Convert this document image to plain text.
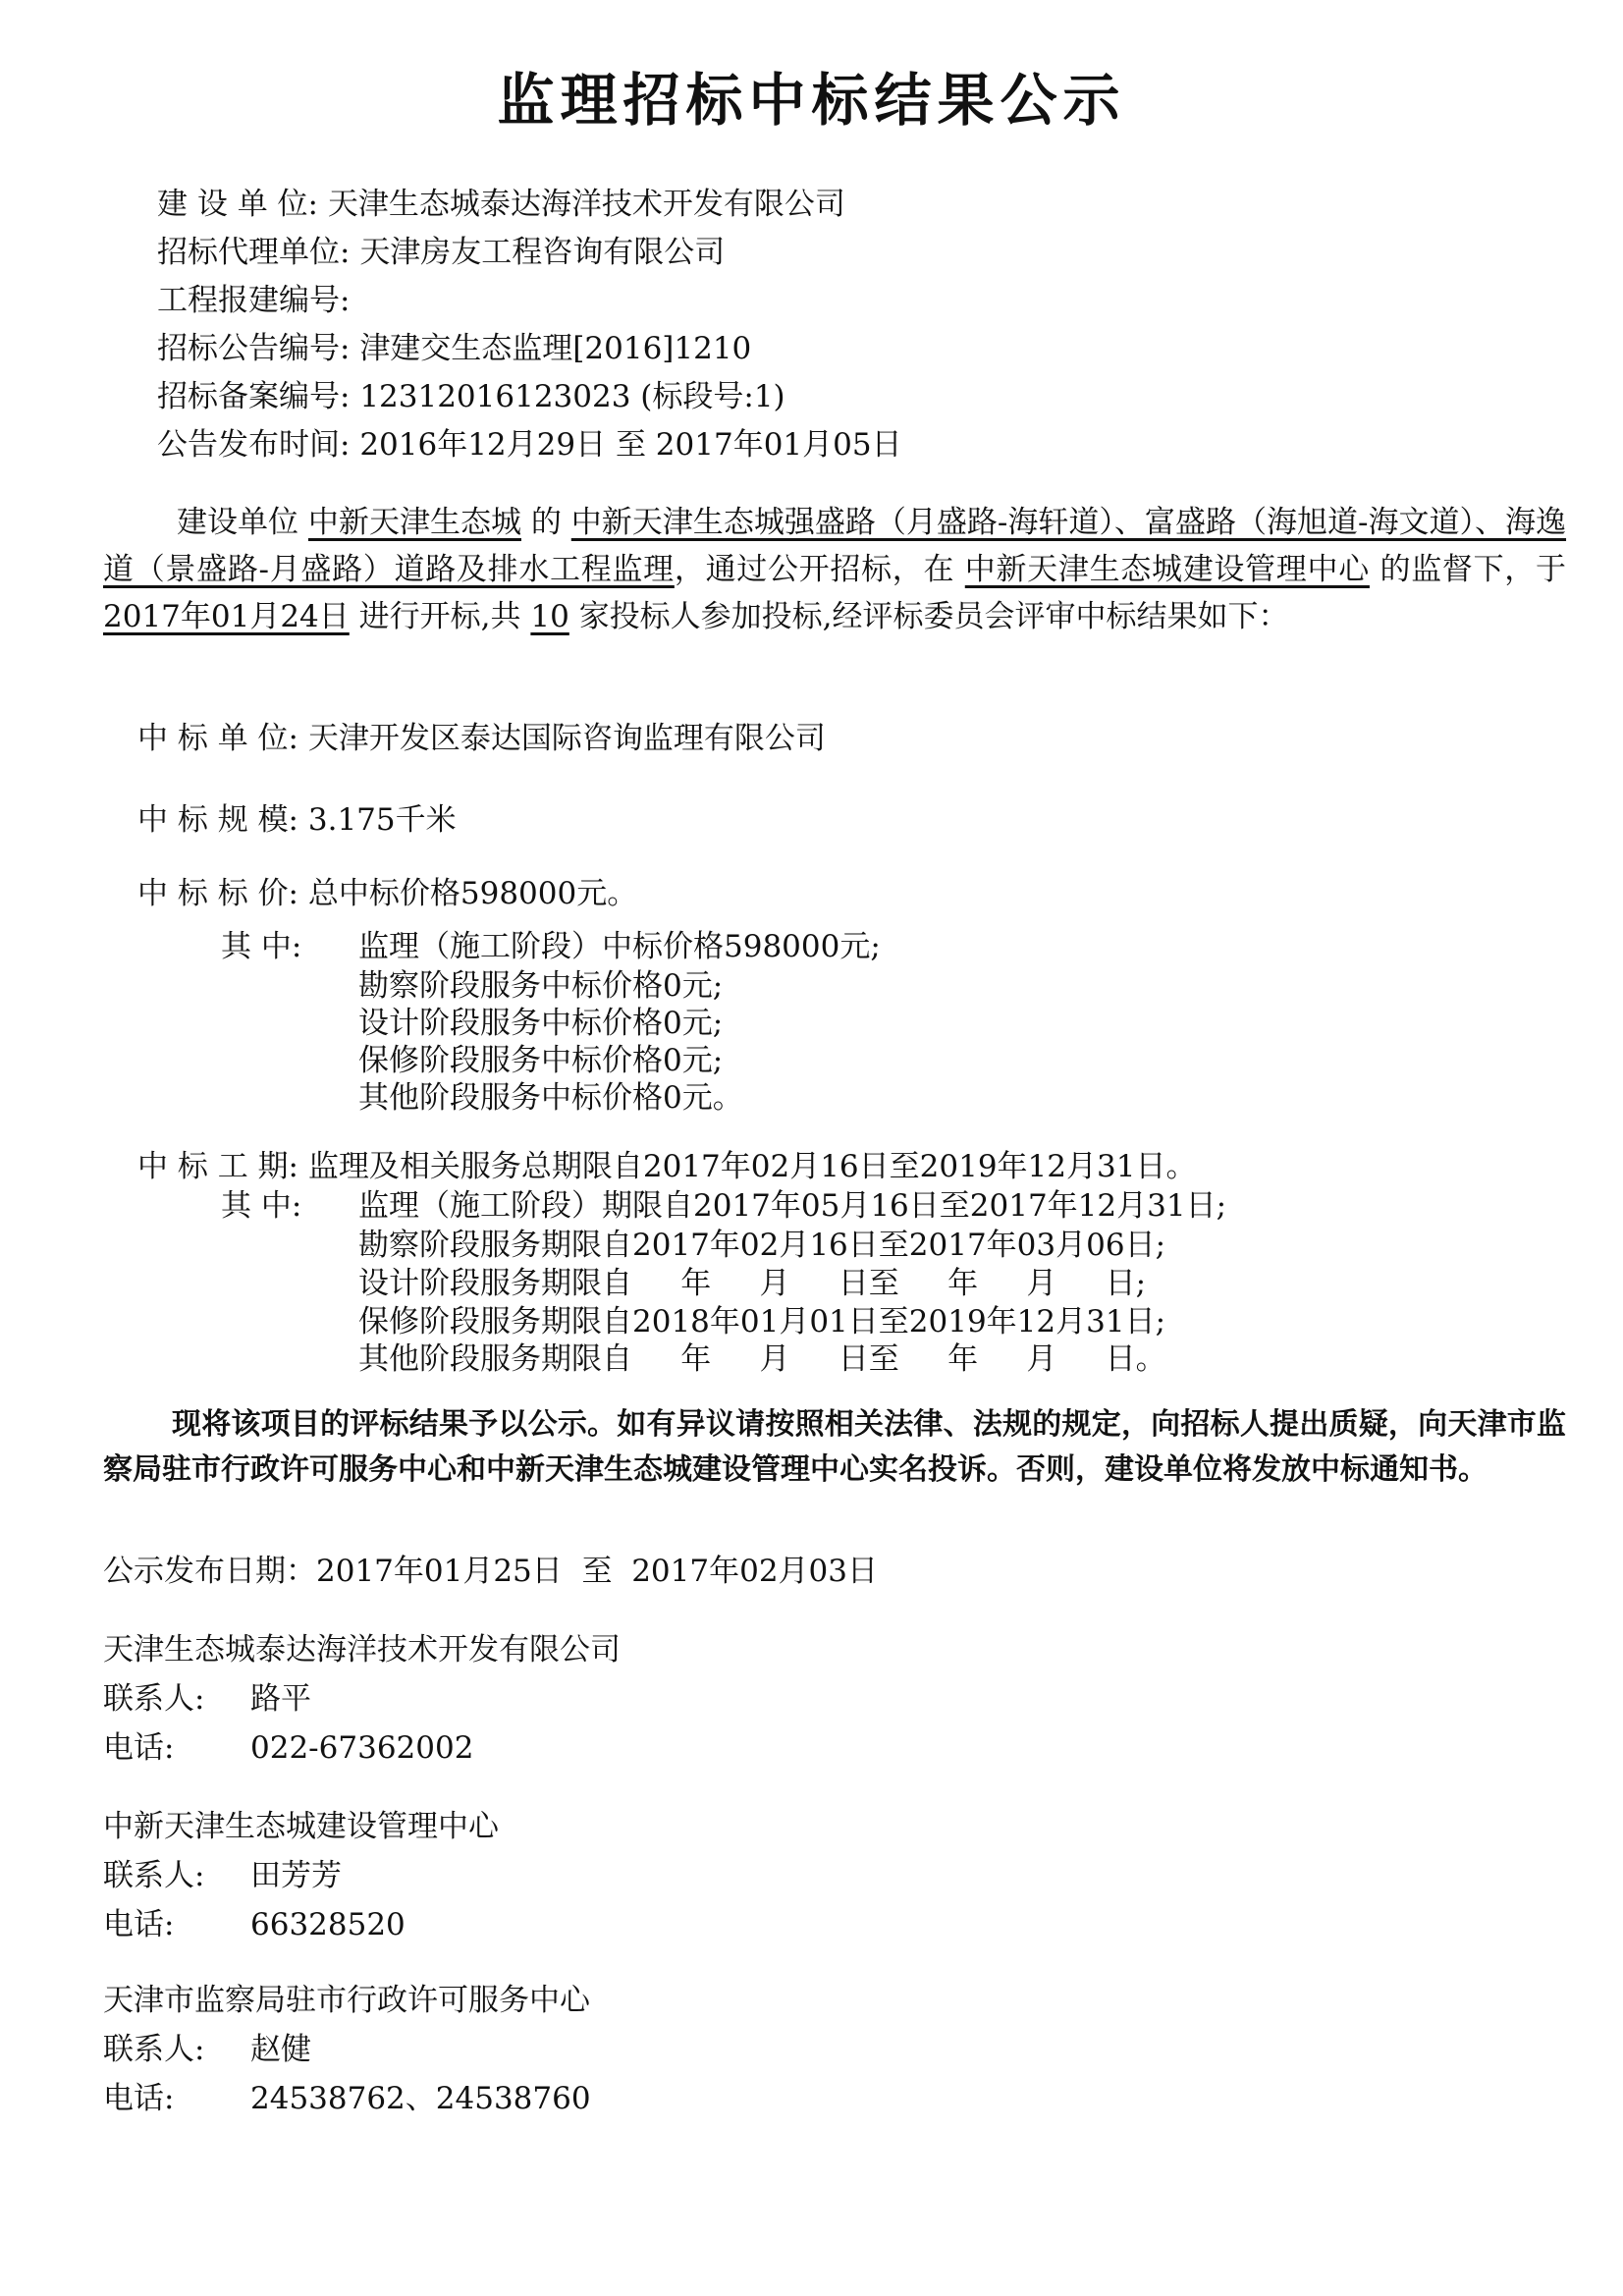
监理招标中标结果公示
建 设 单 位: 天津生态城泰达海洋技术开发有限公司
招标代理单位: 天津房友工程咨询有限公司
工程报建编号:
招标公告编号: 津建交生态监理[2016]1210
招标备案编号: 12312016123023 (标段号:1)
公告发布时间: 2016年12月29日 至 2017年01月05日
建设单位 中新天津生态城 的 中新天津生态城强盛路（月盛路-海轩道）、富盛路（海旭道-海文道）、海逸道（景盛路-月盛路）道路及排水工程监理，通过公开招标，在 中新天津生态城建设管理中心 的监督下，于 2017年01月24日 进行开标,共 10 家投标人参加投标,经评标委员会评审中标结果如下：
中 标 单 位: 天津开发区泰达国际咨询监理有限公司
中 标 规 模: 3.175千米
中 标 标 价: 总中标价格598000元。
其 中: 监理（施工阶段）中标价格598000元;
勘察阶段服务中标价格0元;
设计阶段服务中标价格0元;
保修阶段服务中标价格0元;
其他阶段服务中标价格0元。
中 标 工 期: 监理及相关服务总期限自2017年02月16日至2019年12月31日。
其 中: 监理（施工阶段）期限自2017年05月16日至2017年12月31日;
勘察阶段服务期限自2017年02月16日至2017年03月06日;
设计阶段服务期限自     年     月     日至     年     月     日;
保修阶段服务期限自2018年01月01日至2019年12月31日;
其他阶段服务期限自     年     月     日至     年     月     日。
现将该项目的评标结果予以公示。如有异议请按照相关法律、法规的规定，向招标人提出质疑，向天津市监察局驻市行政许可服务中心和中新天津生态城建设管理中心实名投诉。否则，建设单位将发放中标通知书。
公示发布日期：2017年01月25日  至  2017年02月03日
天津生态城泰达海洋技术开发有限公司
联系人: 路平
电话:	022-67362002
中新天津生态城建设管理中心
联系人: 田芳芳
电话:	66328520
天津市监察局驻市行政许可服务中心
联系人: 赵健
电话:	24538762、24538760
